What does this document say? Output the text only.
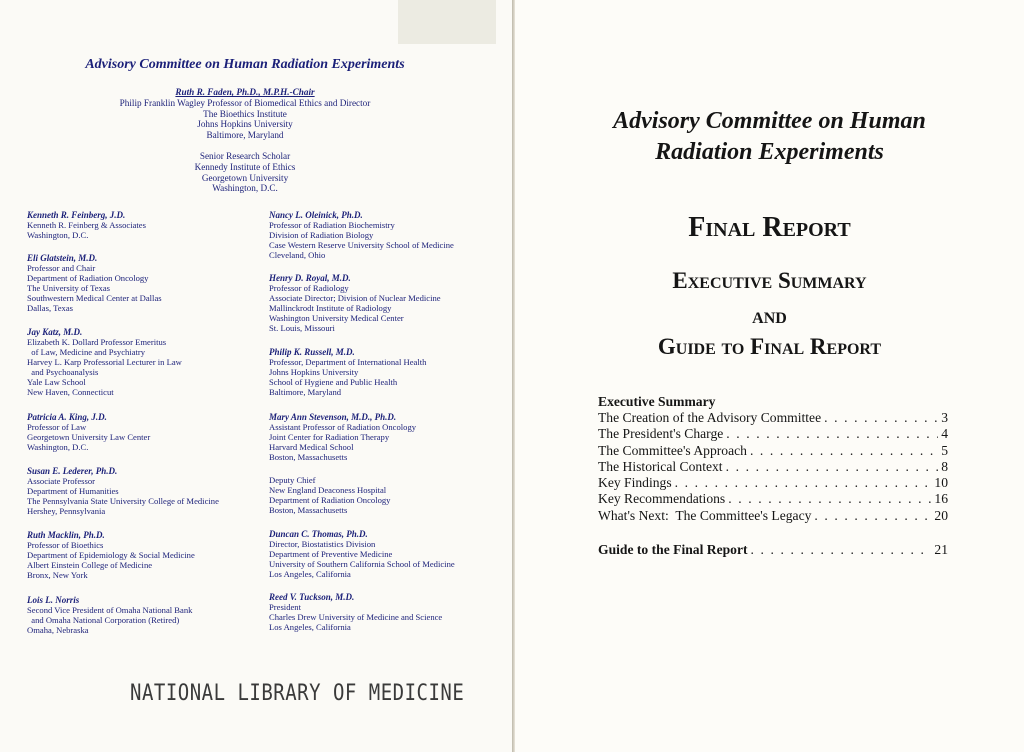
Advisory Committee on Human Radiation Experiments
Ruth R. Faden, Ph.D., M.P.H.-Chair
Philip Franklin Wagley Professor of Biomedical Ethics and Director
The Bioethics Institute
Johns Hopkins University
Baltimore, Maryland
Senior Research Scholar
Kennedy Institute of Ethics
Georgetown University
Washington, D.C.
Kenneth R. Feinberg, J.D.
Kenneth R. Feinberg & Associates
Washington, D.C.
Eli Glatstein, M.D.
Professor and Chair
Department of Radiation Oncology
The University of Texas
Southwestern Medical Center at Dallas
Dallas, Texas
Jay Katz, M.D.
Elizabeth K. Dollard Professor Emeritus
of Law, Medicine and Psychiatry
Harvey L. Karp Professorial Lecturer in Law
and Psychoanalysis
Yale Law School
New Haven, Connecticut
Patricia A. King, J.D.
Professor of Law
Georgetown University Law Center
Washington, D.C.
Susan E. Lederer, Ph.D.
Associate Professor
Department of Humanities
The Pennsylvania State University College of Medicine
Hershey, Pennsylvania
Ruth Macklin, Ph.D.
Professor of Bioethics
Department of Epidemiology & Social Medicine
Albert Einstein College of Medicine
Bronx, New York
Lois L. Norris
Second Vice President of Omaha National Bank
and Omaha National Corporation (Retired)
Omaha, Nebraska
Nancy L. Oleinick, Ph.D.
Professor of Radiation Biochemistry
Division of Radiation Biology
Case Western Reserve University School of Medicine
Cleveland, Ohio
Henry D. Royal, M.D.
Professor of Radiology
Associate Director; Division of Nuclear Medicine
Mallinckrodt Institute of Radiology
Washington University Medical Center
St. Louis, Missouri
Philip K. Russell, M.D.
Professor, Department of International Health
Johns Hopkins University
School of Hygiene and Public Health
Baltimore, Maryland
Mary Ann Stevenson, M.D., Ph.D.
Assistant Professor of Radiation Oncology
Joint Center for Radiation Therapy
Harvard Medical School
Boston, Massachusetts
Deputy Chief
New England Deaconess Hospital
Department of Radiation Oncology
Boston, Massachusetts
Duncan C. Thomas, Ph.D.
Director, Biostatistics Division
Department of Preventive Medicine
University of Southern California School of Medicine
Los Angeles, California
Reed V. Tuckson, M.D.
President
Charles Drew University of Medicine and Science
Los Angeles, California
NATIONAL LIBRARY OF MEDICINE
Advisory Committee on Human
Radiation Experiments
Final Report
Executive Summary
and
Guide to Final Report
Executive Summary
The Creation of the Advisory Committee . . .	3
The President's Charge . . .	4
The Committee's Approach . . .	5
The Historical Context . . .	8
Key Findings . . .	10
Key Recommendations . . .	16
What's Next:  The Committee's Legacy . . .	20
Guide to the Final Report . . .	21
